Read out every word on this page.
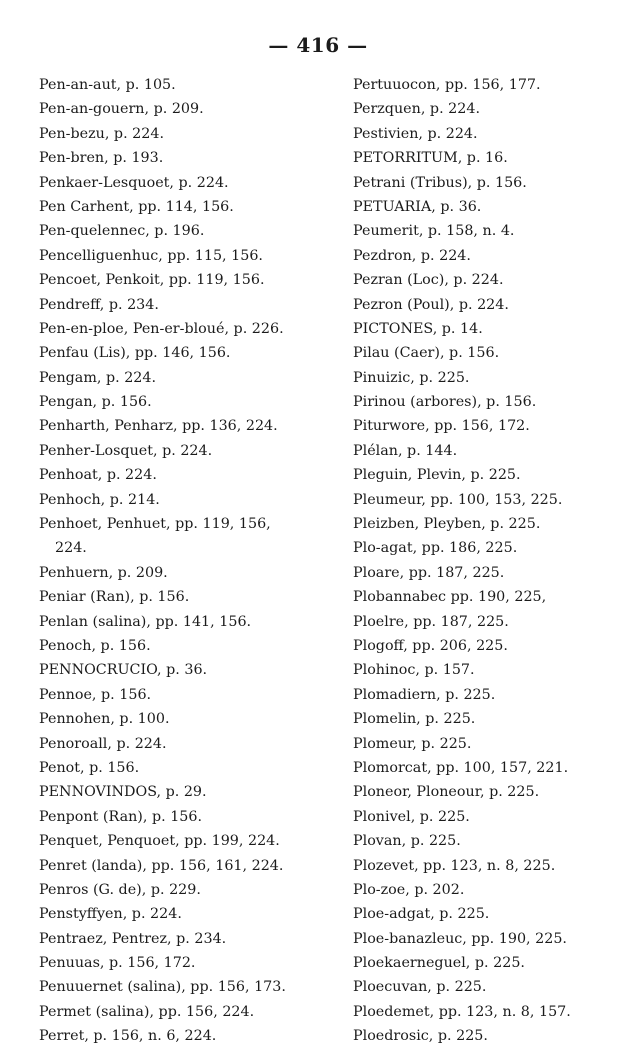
— 416 —
Pen-an-aut, p. 105.
Pen-an-gouern, p. 209.
Pen-bezu, p. 224.
Pen-bren, p. 193.
Penkaer-Lesquoet, p. 224.
Pen Carhent, pp. 114, 156.
Pen-quelennec, p. 196.
Pencelliguenhuc, pp. 115, 156.
Pencoet, Penkoit, pp. 119, 156.
Pendreff, p. 234.
Pen-en-ploe, Pen-er-bloué, p. 226.
Penfau (Lis), pp. 146, 156.
Pengam, p. 224.
Pengan, p. 156.
Penharth, Penharz, pp. 136, 224.
Penher-Losquet, p. 224.
Penhoat, p. 224.
Penhoch, p. 214.
Penhoet, Penhuet, pp. 119, 156,
224.
Penhuern, p. 209.
Peniar (Ran), p. 156.
Penlan (salina), pp. 141, 156.
Penoch, p. 156.
PENNOCRUCIO, p. 36.
Pennoe, p. 156.
Pennohen, p. 100.
Penoroall, p. 224.
Penot, p. 156.
PENNOVINDOS, p. 29.
Penpont (Ran), p. 156.
Penquet, Penquoet, pp. 199, 224.
Penret (landa), pp. 156, 161, 224.
Penros (G. de), p. 229.
Penstyffyen, p. 224.
Pentraez, Pentrez, p. 234.
Penuuas, p. 156, 172.
Penuuernet (salina), pp. 156, 173.
Permet (salina), pp. 156, 224.
Perret, p. 156, n. 6, 224.
Pertuuocon, pp. 156, 177.
Perzquen, p. 224.
Pestivien, p. 224.
PETORRITUM, p. 16.
Petrani (Tribus), p. 156.
PETUARIA, p. 36.
Peumerit, p. 158, n. 4.
Pezdron, p. 224.
Pezran (Loc), p. 224.
Pezron (Poul), p. 224.
PICTONES, p. 14.
Pilau (Caer), p. 156.
Pinuizic, p. 225.
Pirinou (arbores), p. 156.
Piturwore, pp. 156, 172.
Plélan, p. 144.
Pleguin, Plevin, p. 225.
Pleumeur, pp. 100, 153, 225.
Pleizben, Pleyben, p. 225.
Plo-agat, pp. 186, 225.
Ploare, pp. 187, 225.
Plobannabec pp. 190, 225,
Ploelre, pp. 187, 225.
Plogoff, pp. 206, 225.
Plohinoc, p. 157.
Plomadiern, p. 225.
Plomelin, p. 225.
Plomeur, p. 225.
Plomorcat, pp. 100, 157, 221.
Ploneor, Ploneour, p. 225.
Plonivel, p. 225.
Plovan, p. 225.
Plozevet, pp. 123, n. 8, 225.
Plo-zoe, p. 202.
Ploe-adgat, p. 225.
Ploe-banazleuc, pp. 190, 225.
Ploekaerneguel, p. 225.
Ploecuvan, p. 225.
Ploedemet, pp. 123, n. 8, 157.
Ploedrosic, p. 225.
